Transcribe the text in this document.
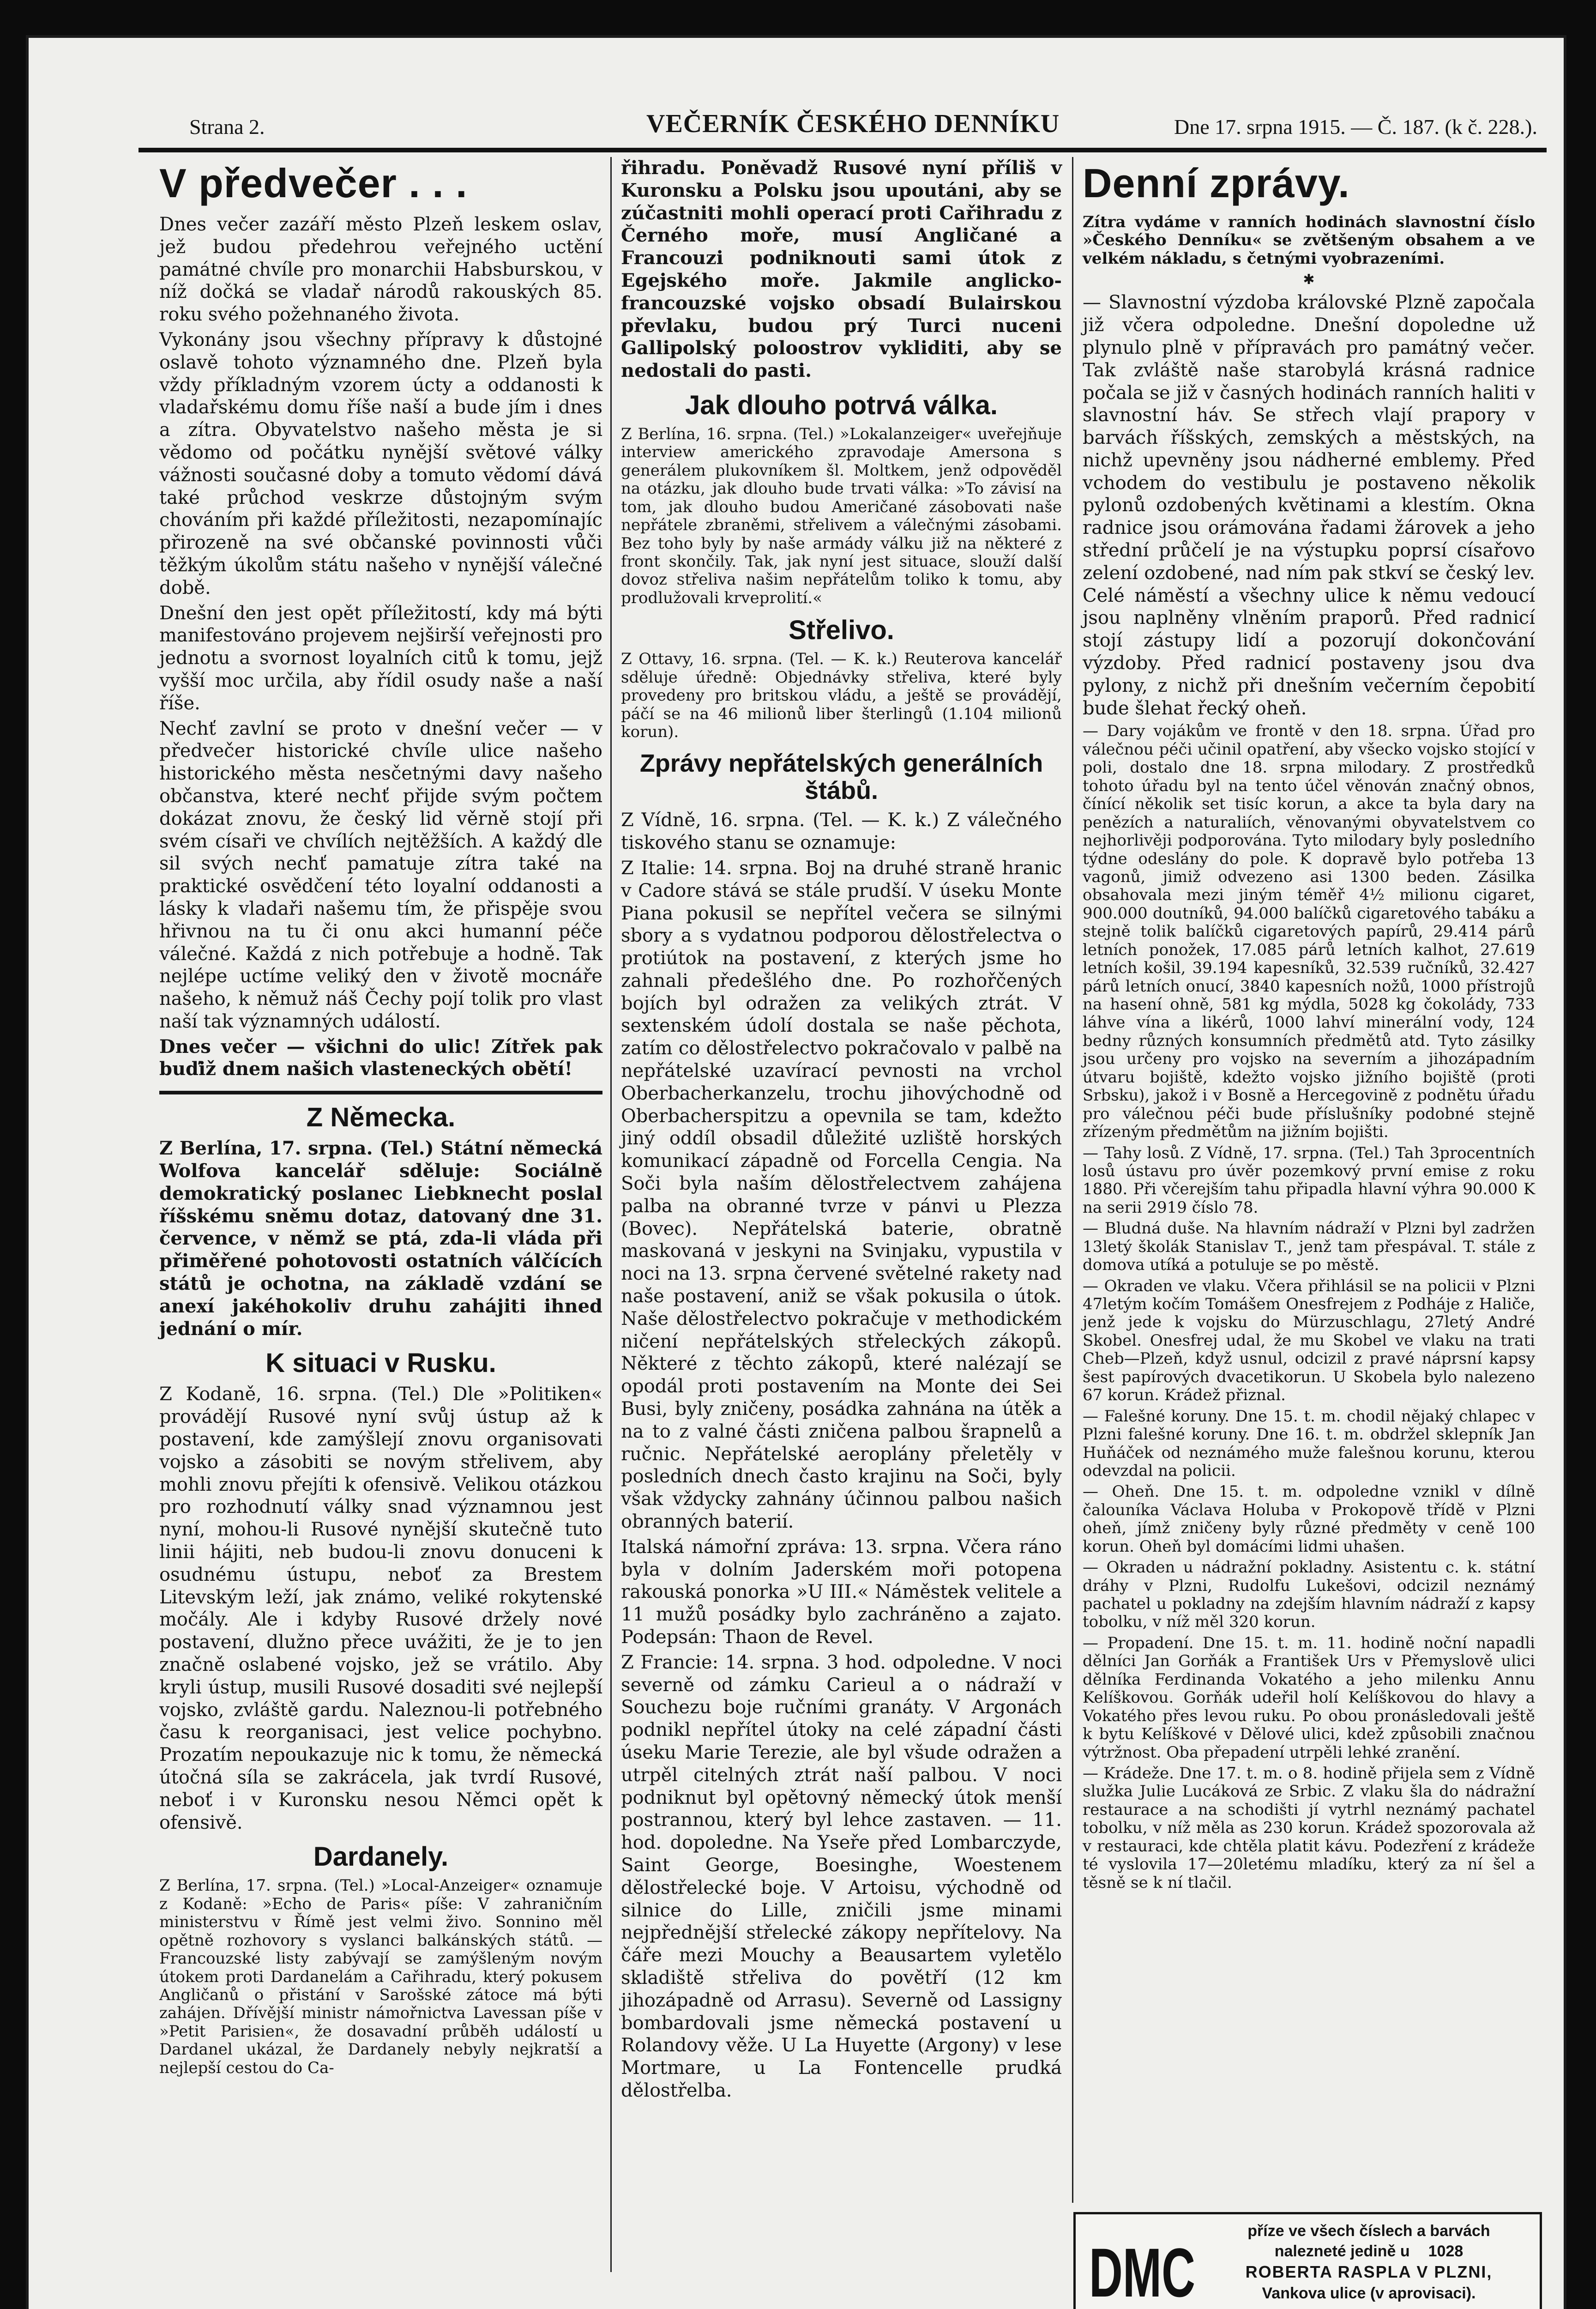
Strana 2.	VEČERNÍK ČESKÉHO DENNÍKU	Dne 17. srpna 1915. — Č. 187. (k č. 228.).
V předvečer . . .

Dnes večer zazáří město Plzeň leskem oslav, jež budou předehrou veřejného uctění památné chvíle pro monarchii Habsburskou, v níž dočká se vladař národů rakouských 85. roku svého požehnaného života.

Vykonány jsou všechny přípravy k důstojné oslavě tohoto významného dne. Plzeň byla vždy příkladným vzorem úcty a oddanosti k vladařskému domu říše naší a bude jím i dnes a zítra. Obyvatelstvo našeho města je si vědomo od počátku nynější světové války vážnosti současné doby a tomuto vědomí dává také průchod veskrze důstojným svým chováním při každé příležitosti, nezapomínajíc přirozeně na své občanské povinnosti vůči těžkým úkolům státu našeho v nynější válečné době.

Dnešní den jest opět příležitostí, kdy má býti manifestováno projevem nejširší veřejnosti pro jednotu a svornost loyalních citů k tomu, jejž vyšší moc určila, aby řídil osudy naše a naší říše.

Nechť zavlní se proto v dnešní večer — v předvečer historické chvíle ulice našeho historického města nesčetnými davy našeho občanstva, které nechť přijde svým počtem dokázat znovu, že český lid věrně stojí při svém císaři ve chvílích nejtěžších. A každý dle sil svých nechť pamatuje zítra také na praktické osvědčení této loyalní oddanosti a lásky k vladaři našemu tím, že přispěje svou hřivnou na tu či onu akci humanní péče válečné. Každá z nich potřebuje a hodně. Tak nejlépe uctíme veliký den v životě mocnáře našeho, k němuž náš Čechy pojí tolik pro vlast naší tak významných událostí.

Dnes večer — všichni do ulic! Zítřek pak buďiž dnem našich vlasteneckých obětí!

Z Německa.

Z Berlína, 17. srpna. (Tel.) Státní německá Wolfova kancelář sděluje: Sociálně demokratický poslanec Liebknecht poslal říšskému sněmu dotaz, datovaný dne 31. července, v němž se ptá, zda-li vláda při přiměřené pohotovosti ostatních válčících států je ochotna, na základě vzdání se anexí jakéhokoliv druhu zahájiti ihned jednání o mír.

K situaci v Rusku.

Z Kodaně, 16. srpna. (Tel.) Dle »Politiken« provádějí Rusové nyní svůj ústup až k postavení, kde zamýšlejí znovu organisovati vojsko a zásobiti se novým střelivem, aby mohli znovu přejíti k ofensivě. Velikou otázkou pro rozhodnutí války snad významnou jest nyní, mohou-li Rusové nynější skutečně tuto linii hájiti, neb budou-li znovu donuceni k osudnému ústupu, neboť za Brestem Litevským leží, jak známo, veliké rokytenské močály. Ale i kdyby Rusové držely nové postavení, dlužno přece uvážiti, že je to jen značně oslabené vojsko, jež se vrátilo. Aby kryli ústup, musili Rusové dosaditi své nejlepší vojsko, zvláště gardu. Naleznou-li potřebného času k reorganisaci, jest velice pochybno. Prozatím nepoukazuje nic k tomu, že německá útočná síla se zakrácela, jak tvrdí Rusové, neboť i v Kuronsku nesou Němci opět k ofensivě.

Dardanely.

Z Berlína, 17. srpna. (Tel.) »Local-Anzeiger« oznamuje z Kodaně: »Echo de Paris« píše: V zahraničním ministerstvu v Římě jest velmi živo. Sonnino měl opětně rozhovory s vyslanci balkánských států. — Francouzské listy zabývají se zamýšleným novým útokem proti Dardanelám a Cařihradu, který pokusem Angličanů o přistání v Sarošské zátoce má býti zahájen. Dřívější ministr námořnictva Lavessan píše v »Petit Parisien«, že dosavadní průběh událostí u Dardanel ukázal, že Dardanely nebyly nejkratší a nejlepší cestou do Ca-

řihradu. Poněvadž Rusové nyní příliš v Kuronsku a Polsku jsou upoutáni, aby se zúčastniti mohli operací proti Cařihradu z Černého moře, musí Angličané a Francouzi podniknouti sami útok z Egejského moře. Jakmile anglicko-francouzské vojsko obsadí Bulairskou převlaku, budou prý Turci nuceni Gallipolský poloostrov vykliditi, aby se nedostali do pasti.

Jak dlouho potrvá válka.

Z Berlína, 16. srpna. (Tel.) »Lokalanzeiger« uveřejňuje interview amerického zpravodaje Amersona s generálem plukovníkem šl. Moltkem, jenž odpověděl na otázku, jak dlouho bude trvati válka: »To závisí na tom, jak dlouho budou Američané zásobovati naše nepřátele zbraněmi, střelivem a válečnými zásobami. Bez toho byly by naše armády válku již na některé z front skončily. Tak, jak nyní jest situace, slouží další dovoz střeliva našim nepřátelům toliko k tomu, aby prodlužovali krveprolití.«

Střelivo.

Z Ottavy, 16. srpna. (Tel. — K. k.) Reuterova kancelář sděluje úředně: Objednávky střeliva, které byly provedeny pro britskou vládu, a ještě se provádějí, páčí se na 46 milionů liber šterlingů (1.104 milionů korun).

Zprávy nepřátelských generálních štábů.

Z Vídně, 16. srpna. (Tel. — K. k.) Z válečného tiskového stanu se oznamuje:

Z Italie: 14. srpna. Boj na druhé straně hranic v Cadore stává se stále prudší. V úseku Monte Piana pokusil se nepřítel večera se silnými sbory a s vydatnou podporou dělostřelectva o protiútok na postavení, z kterých jsme ho zahnali předešlého dne. Po rozhořčených bojích byl odražen za velikých ztrát. V sextenském údolí dostala se naše pěchota, zatím co dělostřelectvo pokračovalo v palbě na nepřátelské uzavírací pevnosti na vrchol Oberbacherkanzelu, trochu jihovýchodně od Oberbacherspitzu a opevnila se tam, kdežto jiný oddíl obsadil důležité uzliště horských komunikací západně od Forcella Cengia. Na Soči byla naším dělostřelectvem zahájena palba na obranné tvrze v pánvi u Plezza (Bovec). Nepřátelská baterie, obratně maskovaná v jeskyni na Svinjaku, vypustila v noci na 13. srpna červené světelné rakety nad naše postavení, aniž se však pokusila o útok. Naše dělostřelectvo pokračuje v methodickém ničení nepřátelských střeleckých zákopů. Některé z těchto zákopů, které nalézají se opodál proti postavením na Monte dei Sei Busi, byly zničeny, posádka zahnána na útěk a na to z valné části zničena palbou šrapnelů a ručnic. Nepřátelské aeroplány přeletěly v posledních dnech často krajinu na Soči, byly však vždycky zahnány účinnou palbou našich obranných baterií.

Italská námořní zpráva: 13. srpna. Včera ráno byla v dolním Jaderském moři potopena rakouská ponorka »U III.« Náměstek velitele a 11 mužů posádky bylo zachráněno a zajato. Podepsán: Thaon de Revel.

Z Francie: 14. srpna. 3 hod. odpoledne. V noci severně od zámku Carieul a o nádraží v Souchezu boje ručními granáty. V Argonách podnikl nepřítel útoky na celé západní části úseku Marie Terezie, ale byl všude odražen a utrpěl citelných ztrát naší palbou. V noci podniknut byl opětovný německý útok menší postrannou, který byl lehce zastaven. — 11. hod. dopoledne. Na Yseře před Lombarczyde, Saint George, Boesinghe, Woestenem dělostřelecké boje. V Artoisu, východně od silnice do Lille, zničili jsme minami nejpřednější střelecké zákopy nepřítelovy. Na čáře mezi Mouchy a Beausartem vyletělo skladiště střeliva do povětří (12 km jihozápadně od Arrasu). Severně od Lassigny bombardovali jsme německá postavení u Rolandovy věže. U La Huyette (Argony) v lese Mortmare, u La Fontencelle prudká dělostřelba.

Denní zprávy.

Zítra vydáme v ranních hodinách slavnostní číslo »Českého Denníku« se zvětšeným obsahem a ve velkém nákladu, s četnými vyobrazeními.

✱

— Slavnostní výzdoba královské Plzně započala již včera odpoledne. Dnešní dopoledne už plynulo plně v přípravách pro památný večer. Tak zvláště naše starobylá krásná radnice počala se již v časných hodinách ranních haliti v slavnostní háv. Se střech vlají prapory v barvách říšských, zemských a městských, na nichž upevněny jsou nádherné emblemy. Před vchodem do vestibulu je postaveno několik pylonů ozdobených květinami a klestím. Okna radnice jsou orámována řadami žárovek a jeho střední průčelí je na výstupku poprsí císařovo zelení ozdobené, nad ním pak stkví se český lev. Celé náměstí a všechny ulice k němu vedoucí jsou naplněny vlněním praporů. Před radnicí stojí zástupy lidí a pozorují dokončování výzdoby. Před radnicí postaveny jsou dva pylony, z nichž při dnešním večerním čepobití bude šlehat řecký oheň.

— Dary vojákům ve frontě v den 18. srpna. Úřad pro válečnou péči učinil opatření, aby všecko vojsko stojící v poli, dostalo dne 18. srpna milodary. Z prostředků tohoto úřadu byl na tento účel věnován značný obnos, čínící několik set tisíc korun, a akce ta byla dary na penězích a naturaliích, věnovanými obyvatelstvem co nejhorlivěji podporována. Tyto milodary byly posledního týdne odeslány do pole. K dopravě bylo potřeba 13 vagonů, jimiž odvezeno asi 1300 beden. Zásilka obsahovala mezi jiným téměř 4½ milionu cigaret, 900.000 doutníků, 94.000 balíčků cigaretového tabáku a stejně tolik balíčků cigaretových papírů, 29.414 párů letních ponožek, 17.085 párů letních kalhot, 27.619 letních košil, 39.194 kapesníků, 32.539 ručníků, 32.427 párů letních onucí, 3840 kapesních nožů, 1000 přístrojů na hasení ohně, 581 kg mýdla, 5028 kg čokolády, 733 láhve vína a likérů, 1000 lahví minerální vody, 124 bedny různých konsumních předmětů atd. Tyto zásilky jsou určeny pro vojsko na severním a jihozápadním útvaru bojiště, kdežto vojsko jižního bojiště (proti Srbsku), jakož i v Bosně a Hercegovině z podnětu úřadu pro válečnou péči bude příslušníky podobné stejně zřízeným předmětům na jižním bojišti.

— Tahy losů. Z Vídně, 17. srpna. (Tel.) Tah 3procentních losů ústavu pro úvěr pozemkový první emise z roku 1880. Při včerejším tahu připadla hlavní výhra 90.000 K na serii 2919 číslo 78.

— Bludná duše. Na hlavním nádraží v Plzni byl zadržen 13letý školák Stanislav T., jenž tam přespával. T. stále z domova utíká a potuluje se po městě.

— Okraden ve vlaku. Včera přihlásil se na policii v Plzni 47letým kočím Tomášem Onesfrejem z Podháje z Haliče, jenž jede k vojsku do Mürzuschlagu, 27letý André Skobel. Onesfrej udal, že mu Skobel ve vlaku na trati Cheb—Plzeň, když usnul, odcizil z pravé náprsní kapsy šest papírových dvacetikorun. U Skobela bylo nalezeno 67 korun. Krádež přiznal.

— Falešné koruny. Dne 15. t. m. chodil nějaký chlapec v Plzni falešné koruny. Dne 16. t. m. obdržel sklepník Jan Huňáček od neznámého muže falešnou korunu, kterou odevzdal na policii.

— Oheň. Dne 15. t. m. odpoledne vznikl v dílně čalouníka Václava Holuba v Prokopově třídě v Plzni oheň, jímž zničeny byly různé předměty v ceně 100 korun. Oheň byl domácími lidmi uhašen.

— Okraden u nádražní pokladny. Asistentu c. k. státní dráhy v Plzni, Rudolfu Lukešovi, odcizil neznámý pachatel u pokladny na zdejším hlavním nádraží z kapsy tobolku, v níž měl 320 korun.

— Propadení. Dne 15. t. m. 11. hodině noční napadli dělníci Jan Gorňák a František Urs v Přemyslově ulici dělníka Ferdinanda Vokatého a jeho milenku Annu Kelíškovou. Gorňák udeřil holí Kelíškovou do hlavy a Vokatého přes levou ruku. Po obou pronásledovali ještě k bytu Kelíškové v Dělové ulici, kdež způsobili značnou výtržnost. Oba přepadení utrpěli lehké zranění.

— Krádeže. Dne 17. t. m. o 8. hodině přijela sem z Vídně služka Julie Lucáková ze Srbic. Z vlaku šla do nádražní restaurace a na schodišti jí vytrhl neznámý pachatel tobolku, v níž měla as 230 korun. Krádež spozorovala až v restauraci, kde chtěla platit kávu. Podezření z krádeže té vyslovila 17—20letému mladíku, který za ní šel a těsně se k ní tlačil.

DMC
příze ve všech číslech a barvách
nalezneté jedině u 1028
ROBERTA RASPLA V PLZNI,
Vankova ulice (v aprovisaci).
